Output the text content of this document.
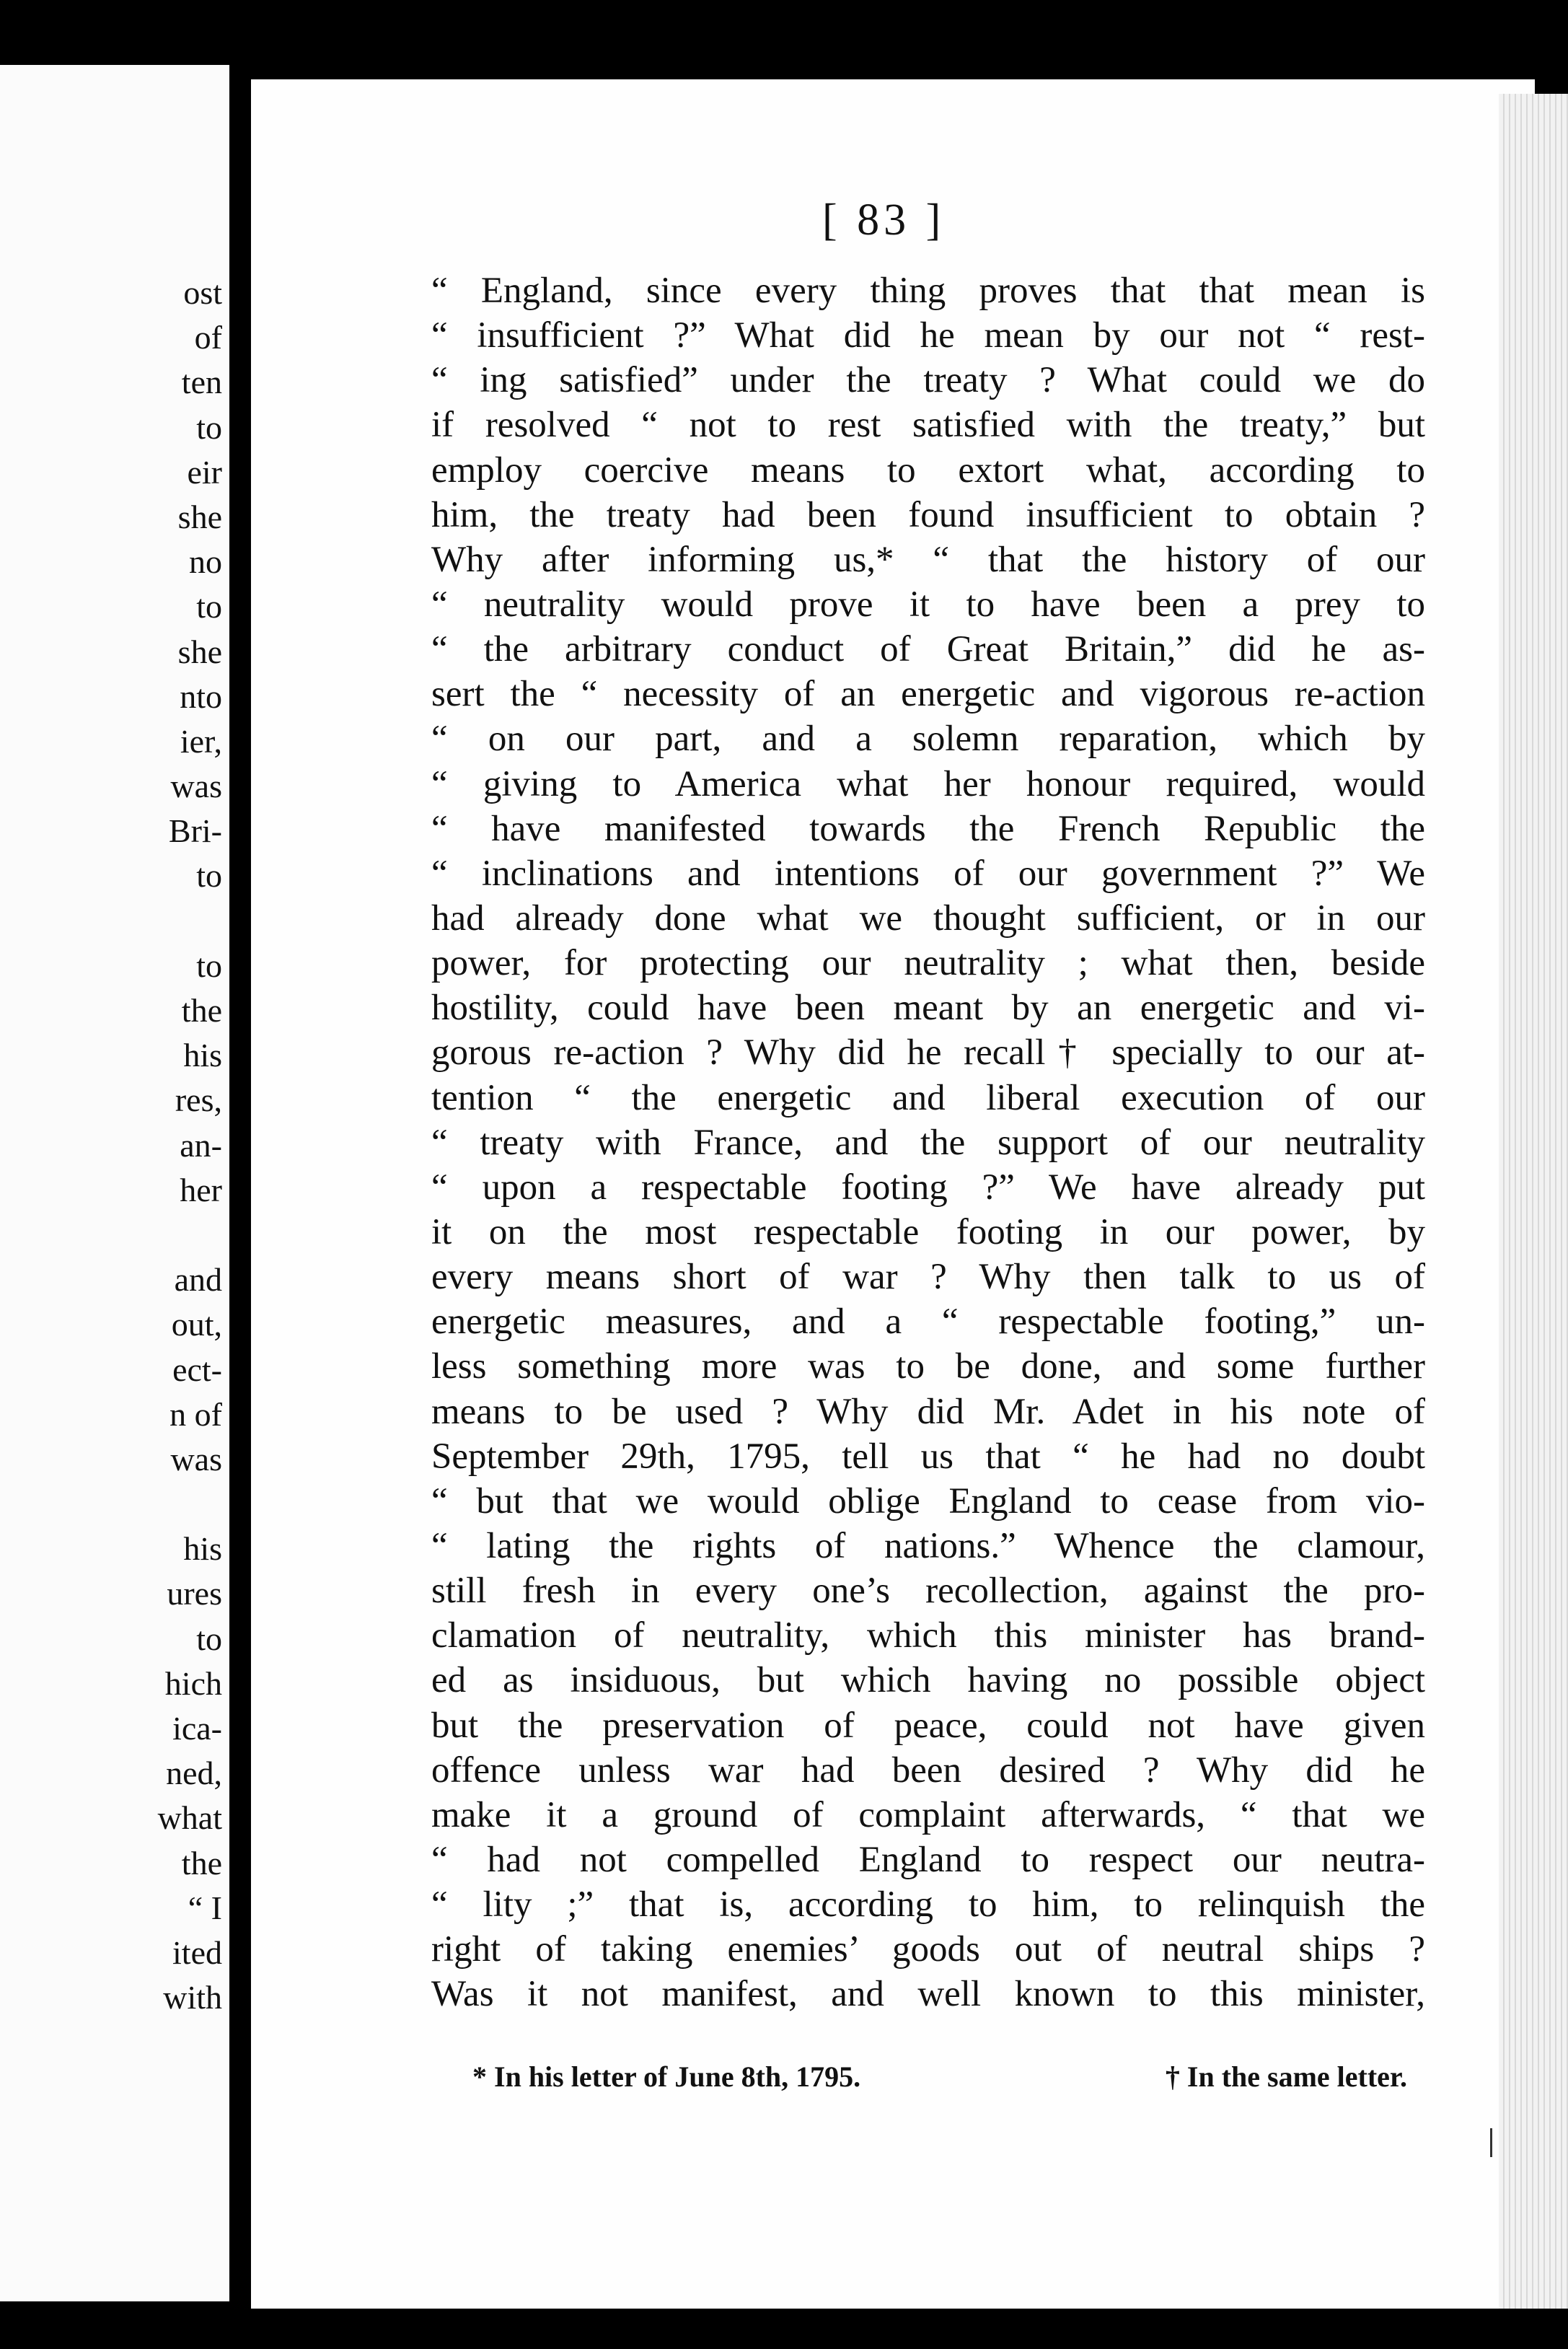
ost
of
ten
to
eir
she
no
to
she
nto
ier,
was
Bri-
to
to
the
his
res,
an-
her
and
out,
ect-
n of
was
his
ures
to
hich
ica-
ned,
what
the
“ I
ited
with
[ 83 ]
“ England, since every thing proves that that mean is
“ insufficient ?” What did he mean by our not “ rest-
“ ing satisfied” under the treaty ? What could we do
if resolved “ not to rest satisfied with the treaty,” but
employ coercive means to extort what, according to
him, the treaty had been found insufficient to obtain ?
Why after informing us,* “ that the history of our
“ neutrality would prove it to have been a prey to
“ the arbitrary conduct of Great Britain,” did he as-
sert the “ necessity of an energetic and vigorous re-action
“ on our part, and a solemn reparation, which by
“ giving to America what her honour required, would
“ have manifested towards the French Republic the
“ inclinations and intentions of our government ?” We
had already done what we thought sufficient, or in our
power, for protecting our neutrality ; what then, beside
hostility, could have been meant by an energetic and vi-
gorous re-action ? Why did he recall† specially to our at-
tention “ the energetic and liberal execution of our
“ treaty with France, and the support of our neutrality
“ upon a respectable footing ?” We have already put
it on the most respectable footing in our power, by
every means short of war ? Why then talk to us of
energetic measures, and a “ respectable footing,” un-
less something more was to be done, and some further
means to be used ? Why did Mr. Adet in his note of
September 29th, 1795, tell us that “ he had no doubt
“ but that we would oblige England to cease from vio-
“ lating the rights of nations.” Whence the clamour,
still fresh in every one’s recollection, against the pro-
clamation of neutrality, which this minister has brand-
ed as insiduous, but which having no possible object
but the preservation of peace, could not have given
offence unless war had been desired ? Why did he
make it a ground of complaint afterwards, “ that we
“ had not compelled England to respect our neutra-
“ lity ;” that is, according to him, to relinquish the
right of taking enemies’ goods out of neutral ships ?
Was it not manifest, and well known to this minister,
* In his letter of June 8th, 1795.	† In the same letter.
